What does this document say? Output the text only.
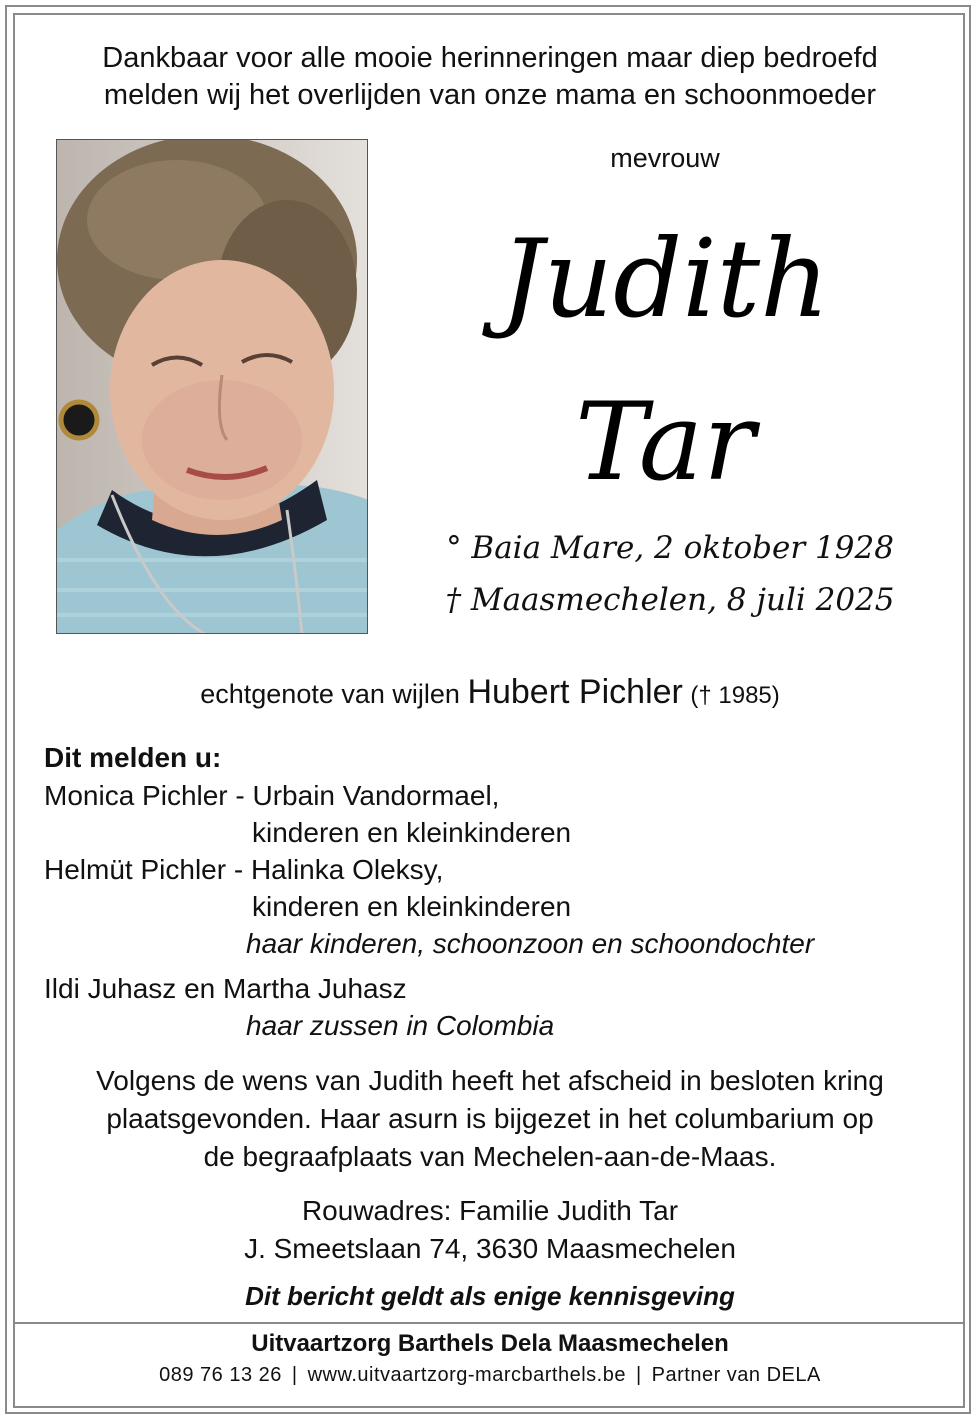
Dankbaar voor alle mooie herinneringen maar diep bedroefd
melden wij het overlijden van onze mama en schoonmoeder
mevrouw
Judith
Tar
° Baia Mare, 2 oktober 1928
† Maasmechelen, 8 juli 2025
echtgenote van wijlen Hubert Pichler († 1985)
Dit melden u:
Monica Pichler - Urbain Vandormael,
kinderen en kleinkinderen
Helmüt Pichler - Halinka Oleksy,
kinderen en kleinkinderen
haar kinderen, schoonzoon en schoondochter
Ildi Juhasz en Martha Juhasz
haar zussen in Colombia
Volgens de wens van Judith heeft het afscheid in besloten kring
plaatsgevonden. Haar asurn is bijgezet in het columbarium op
de begraafplaats van Mechelen-aan-de-Maas.
Rouwadres: Familie Judith Tar
J. Smeetslaan 74, 3630 Maasmechelen
Dit bericht geldt als enige kennisgeving
Uitvaartzorg Barthels Dela Maasmechelen
089 76 13 26 | www.uitvaartzorg-marcbarthels.be | Partner van DELA
